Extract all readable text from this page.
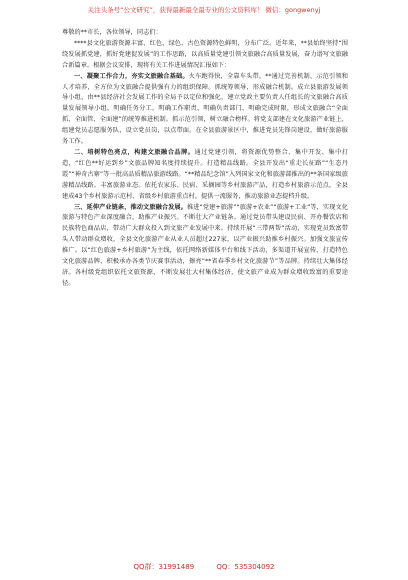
关注头条号“公文研究”，获得最新最全最专业的公文资料库！ 微信：gongwenyj

尊敬的**市长，各位领导，同志们：

****县文化旅游资源丰富，红色、绿色、古色资源特色鲜明，分布广泛。近年来，**县始终坚持“围绕发展抓党建，抓好党建促发展”的工作思路，以高质量党建引领文旅融合高质量发展，奋力谱写文旅融合新篇章。根据会议安排，现将有关工作进展情况汇报如下：

一、凝聚工作合力，夯实文旅融合基础。火车跑得快，全靠车头带。**通过完善机制、示范引领和人才培养，全方位为文旅融合提供强有力的组织保障。抓统筹领导，形成融合机制。成立县旅游发展领导小组，由**县经济社会发展工作的全局予以定位和强化，建立党政主要负责人任组长的文旅融合高质量发展领导小组，明确任务分工。明确工作职责、明确负责部门、明确完成时限，形成文旅融合“全面抓、全面管、全面建”的统筹推进机制。抓示范引领，树立融合榜样。将党支部建在文化旅游产业链上，组建党员志愿服务队，设立党员岗，以点带面。在全县旅游景区中，推进党员先锋岗建设，做好旅游服务工作。

二、培树特色亮点，构建文旅融合品牌。通过党建引领，将资源优势整合、集中开发、集中打造，“红色**好运到乡”文旅品牌知名度持续提升。打造精品线路。全县开发出“重走长征路”“生态丹霞”“神奇古寨”等一批高品质精品旅游线路。“**精品纪念馆”入列国家文化和旅游部推出的**条国家级旅游精品线路。丰富旅游业态。依托农家乐、民宿、采摘园等乡村旅游产品，打造乡村旅游示范点，全县建成43个乡村旅游示范村、省级乡村旅游重点村。提供一流服务，推动旅游业态提档升级。

三、延伸产业链条，推动文旅融合发展。推进“党建+旅游”“旅游+农业”“旅游+工业”等，实现文化旅游与特色产业深度融合，助推产业振兴。不断壮大产业链条。通过党员带头建设民宿、开办餐饮店和民族特色商品店，带动广大群众投入到文旅产业发展中来。持续开展“三带两帮”活动，实现党员致富带头人带动群众增收，全县文化旅游产业从业人员超过227家，以产业振兴助推乡村振兴。加强文旅宣传推广。以“红色旅游+乡村旅游”为主线，依托网络新媒体平台和线下活动，多渠道开展宣传，打造特色文化旅游品牌，积极承办各类节庆赛事活动，擦亮“**省春季乡村文化旅游节”等品牌。持续壮大集体经济。各村级党组织依托文旅资源，不断发展壮大村集体经济，使文旅产业成为群众增收致富的重要途径。

QQ群：31991489	QQ：535304092
